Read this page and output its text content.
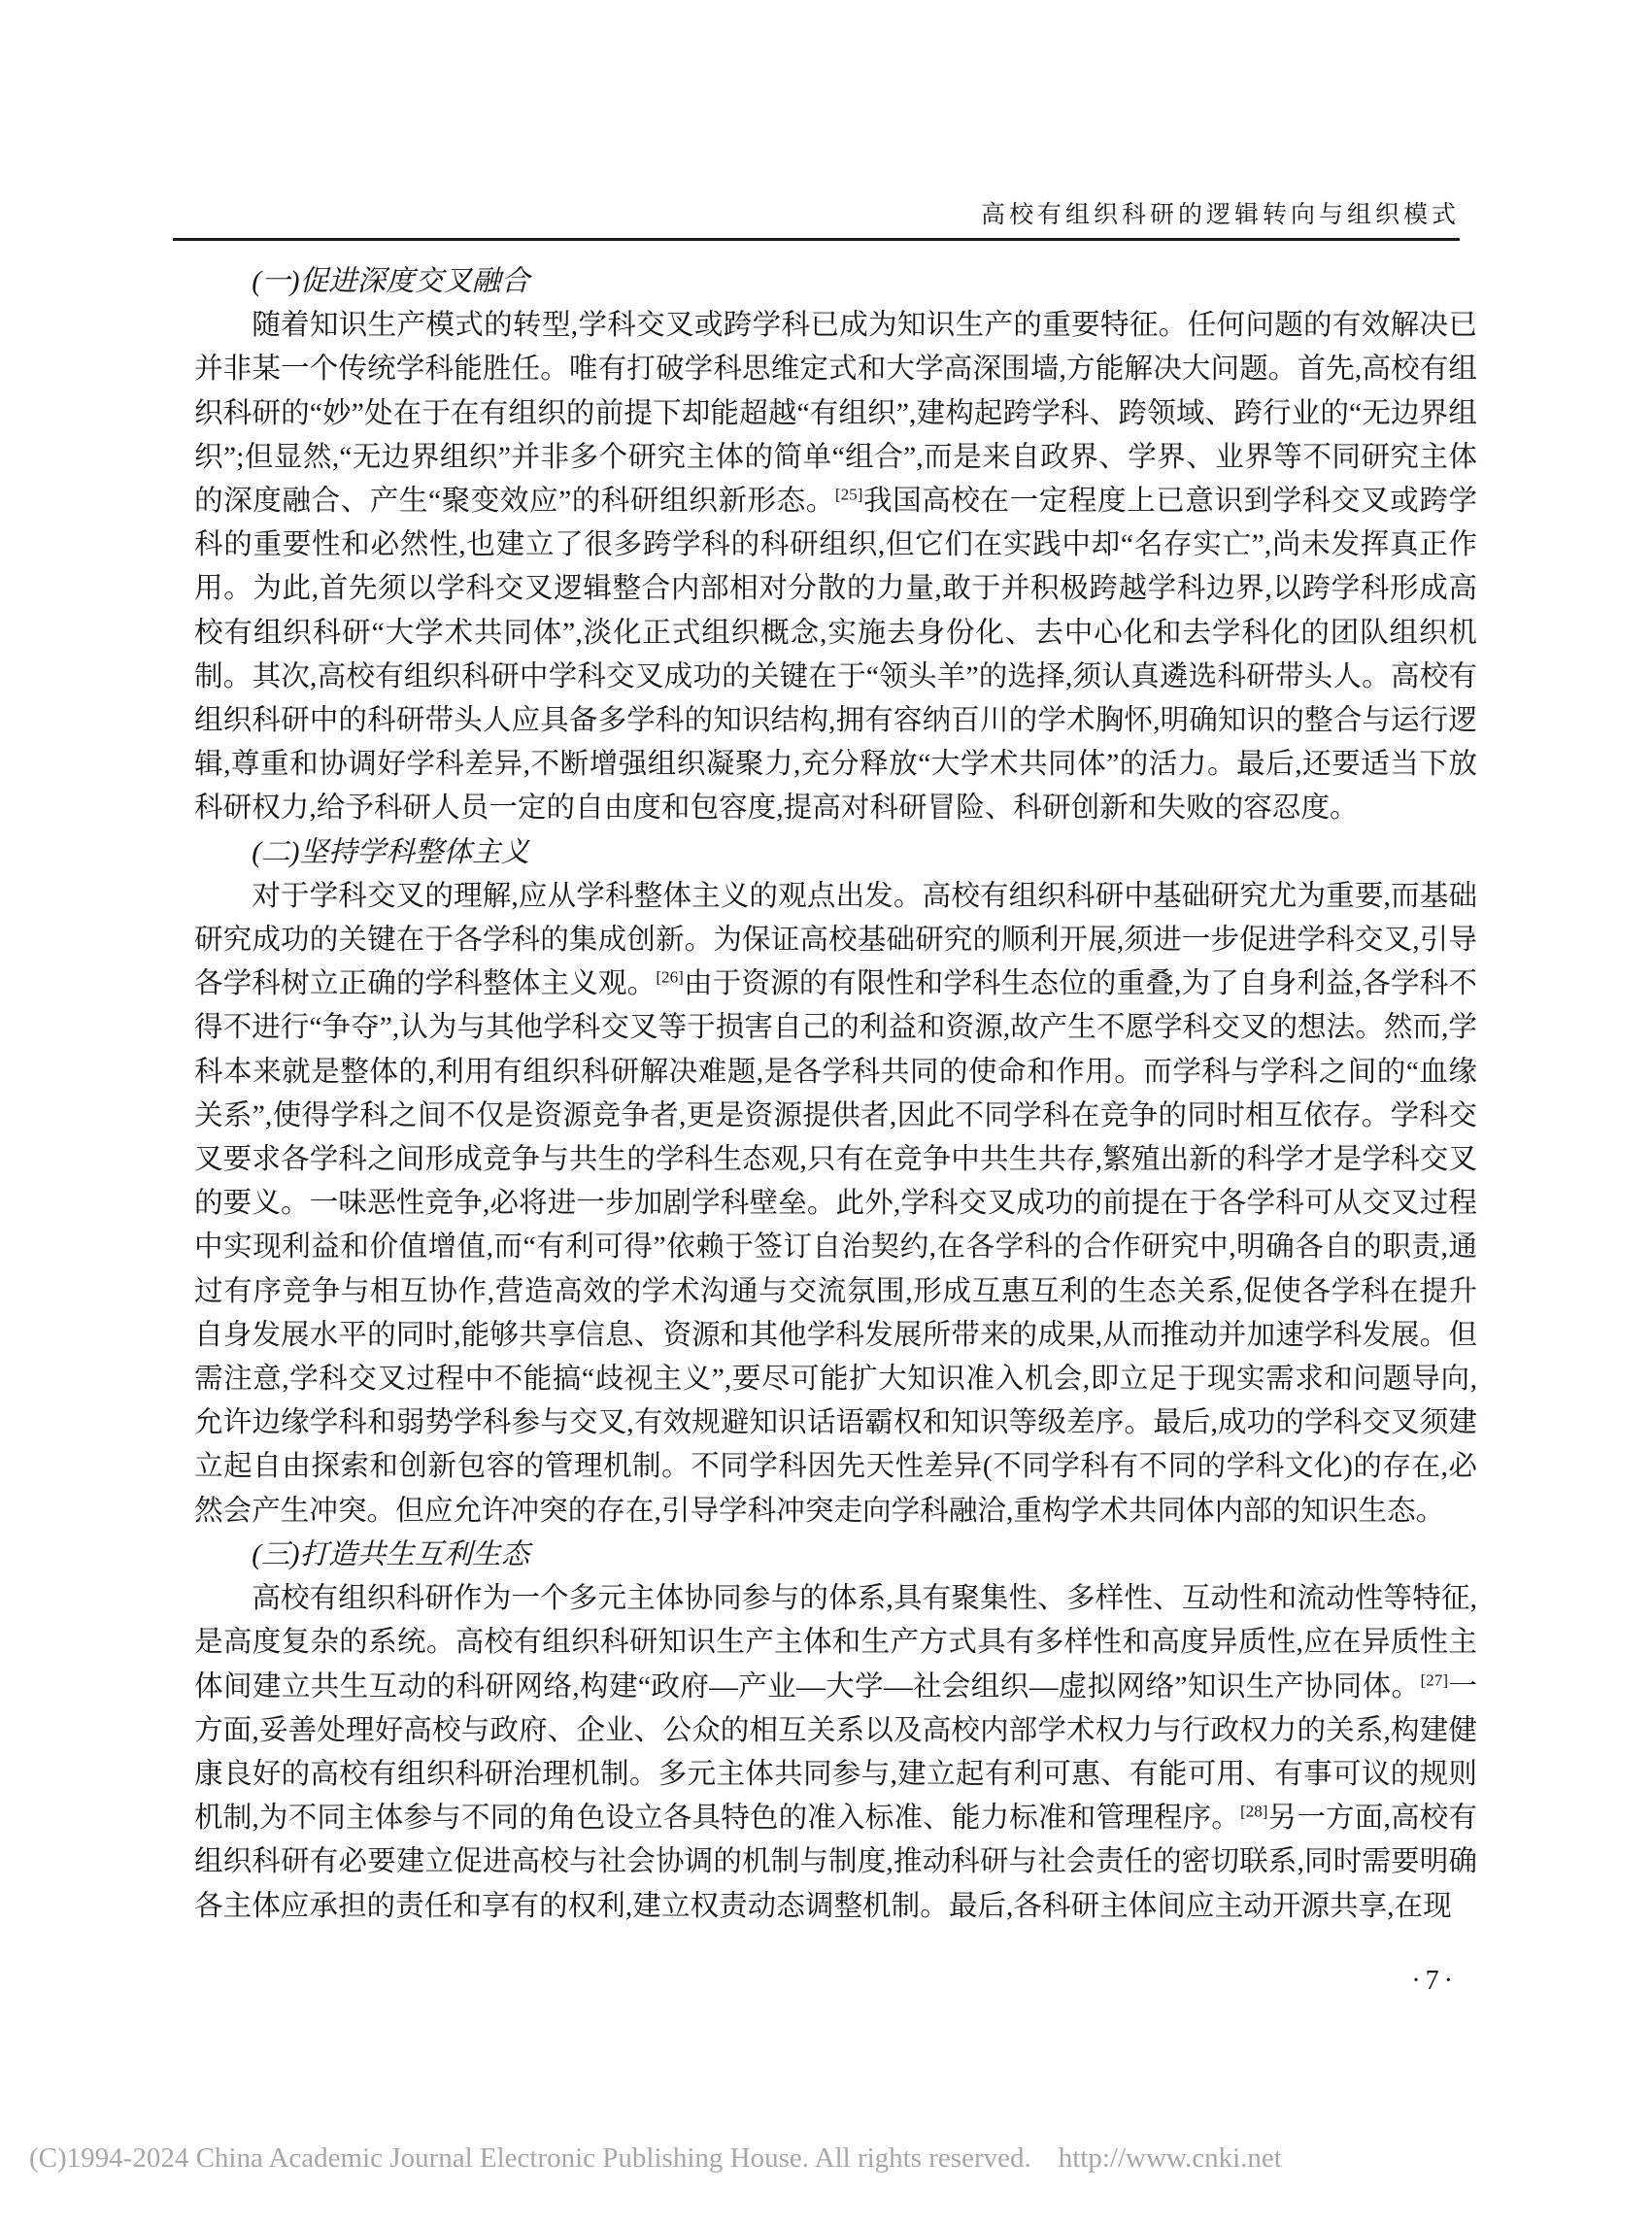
高校有组织科研的逻辑转向与组织模式
(一)促进深度交叉融合

随着知识生产模式的转型,学科交叉或跨学科已成为知识生产的重要特征。任何问题的有效解决已并非某一个传统学科能胜任。唯有打破学科思维定式和大学高深围墙,方能解决大问题。首先,高校有组织科研的“妙”处在于在有组织的前提下却能超越“有组织”,建构起跨学科、跨领域、跨行业的“无边界组织”;但显然,“无边界组织”并非多个研究主体的简单“组合”,而是来自政界、学界、业界等不同研究主体的深度融合、产生“聚变效应”的科研组织新形态。[25]我国高校在一定程度上已意识到学科交叉或跨学科的重要性和必然性,也建立了很多跨学科的科研组织,但它们在实践中却“名存实亡”,尚未发挥真正作用。为此,首先须以学科交叉逻辑整合内部相对分散的力量,敢于并积极跨越学科边界,以跨学科形成高校有组织科研“大学术共同体”,淡化正式组织概念,实施去身份化、去中心化和去学科化的团队组织机制。其次,高校有组织科研中学科交叉成功的关键在于“领头羊”的选择,须认真遴选科研带头人。高校有组织科研中的科研带头人应具备多学科的知识结构,拥有容纳百川的学术胸怀,明确知识的整合与运行逻辑,尊重和协调好学科差异,不断增强组织凝聚力,充分释放“大学术共同体”的活力。最后,还要适当下放科研权力,给予科研人员一定的自由度和包容度,提高对科研冒险、科研创新和失败的容忍度。

(二)坚持学科整体主义

对于学科交叉的理解,应从学科整体主义的观点出发。高校有组织科研中基础研究尤为重要,而基础研究成功的关键在于各学科的集成创新。为保证高校基础研究的顺利开展,须进一步促进学科交叉,引导各学科树立正确的学科整体主义观。[26]由于资源的有限性和学科生态位的重叠,为了自身利益,各学科不得不进行“争夺”,认为与其他学科交叉等于损害自己的利益和资源,故产生不愿学科交叉的想法。然而,学科本来就是整体的,利用有组织科研解决难题,是各学科共同的使命和作用。而学科与学科之间的“血缘关系”,使得学科之间不仅是资源竞争者,更是资源提供者,因此不同学科在竞争的同时相互依存。学科交叉要求各学科之间形成竞争与共生的学科生态观,只有在竞争中共生共存,繁殖出新的科学才是学科交叉的要义。一味恶性竞争,必将进一步加剧学科壁垒。此外,学科交叉成功的前提在于各学科可从交叉过程中实现利益和价值增值,而“有利可得”依赖于签订自治契约,在各学科的合作研究中,明确各自的职责,通过有序竞争与相互协作,营造高效的学术沟通与交流氛围,形成互惠互利的生态关系,促使各学科在提升自身发展水平的同时,能够共享信息、资源和其他学科发展所带来的成果,从而推动并加速学科发展。但需注意,学科交叉过程中不能搞“歧视主义”,要尽可能扩大知识准入机会,即立足于现实需求和问题导向,允许边缘学科和弱势学科参与交叉,有效规避知识话语霸权和知识等级差序。最后,成功的学科交叉须建立起自由探索和创新包容的管理机制。不同学科因先天性差异(不同学科有不同的学科文化)的存在,必然会产生冲突。但应允许冲突的存在,引导学科冲突走向学科融洽,重构学术共同体内部的知识生态。

(三)打造共生互利生态

高校有组织科研作为一个多元主体协同参与的体系,具有聚集性、多样性、互动性和流动性等特征,是高度复杂的系统。高校有组织科研知识生产主体和生产方式具有多样性和高度异质性,应在异质性主体间建立共生互动的科研网络,构建“政府—产业—大学—社会组织—虚拟网络”知识生产协同体。[27]一方面,妥善处理好高校与政府、企业、公众的相互关系以及高校内部学术权力与行政权力的关系,构建健康良好的高校有组织科研治理机制。多元主体共同参与,建立起有利可惠、有能可用、有事可议的规则机制,为不同主体参与不同的角色设立各具特色的准入标准、能力标准和管理程序。[28]另一方面,高校有组织科研有必要建立促进高校与社会协调的机制与制度,推动科研与社会责任的密切联系,同时需要明确各主体应承担的责任和享有的权利,建立权责动态调整机制。最后,各科研主体间应主动开源共享,在现

·7·
(C)1994-2024 China Academic Journal Electronic Publishing House. All rights reserved. http://www.cnki.net
